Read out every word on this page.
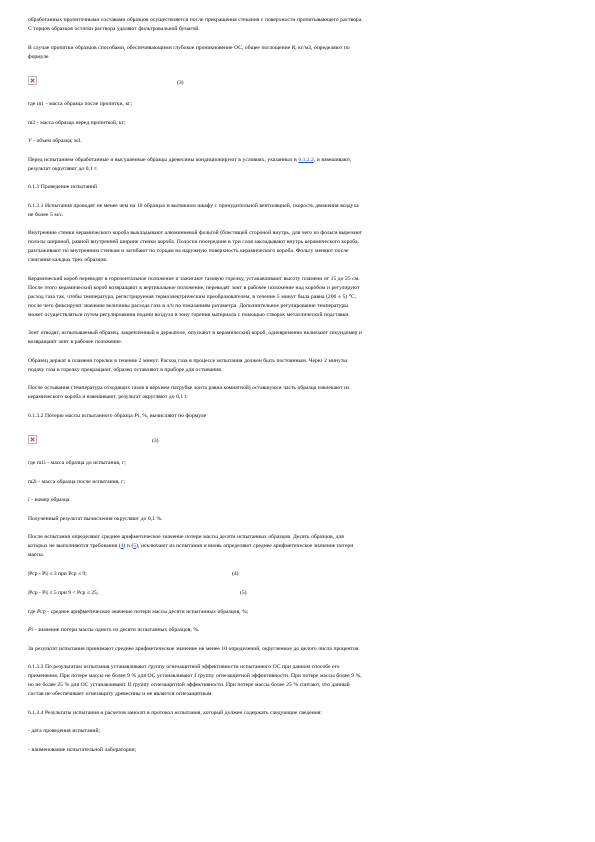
обработанных пропиточными составами образцов осуществляется после прекращения стекания с поверхности пропитывающего раствора.
С торцов образцов остатки раствора удаляют фильтровальной бумагой.

В случае пропитки образцов способами, обеспечивающими глубокое проникновение ОС, общее поглощение R, кг/м3, определяют по
формуле

(3)

где m1 - масса образца после пропитки, кг;

m2 - масса образца перед пропиткой, кг;

V - объем образца, м3.

Перед испытанием обработанные и высушенные образцы древесины кондиционируют в условиях, указанных в 6.1.2.2, и взвешивают,
результат округляют до 0,1 г.

6.1.3 Проведение испытаний

6.1.3.1 Испытания проводят не менее чем на 10 образцах в вытяжном шкафу с принудительной вентиляцией, скорость движения воздуха
не более 5 м/с.

Внутренние стенки керамического короба выкладывают алюминиевой фольгой (блестящей стороной внутрь, для чего из фольги вырезают
полосы шириной, равной внутренней ширине стенки короба. Полоски посередине в три слоя закладывают внутрь керамического короба,
разглаживают по внутренним стенкам и загибают по торцам на наружную поверхность керамического короба. Фольгу меняют после
сжигания каждых трех образцов.

Керамический короб переводят в горизонтальное положение и зажигают газовую горелку, устанавливают высоту пламени от 15 до 25 см.
После этого керамический короб возвращают в вертикальное положение, переводят зонт в рабочее положение над коробом и регулируют
расход газа так, чтобы температура, регистрируемая термоэлектрическим преобразователем, в течение 5 минут была равна (200 ± 5) °С,
после чего фиксируют значение величины расхода газа в л/ч по показаниям ротаметра. Дополнительное регулирование температуры
может осуществляться путем регулирования подачи воздуха в зону горения материала с помощью створок металлической подставки.

Зонт отводят, испытываемый образец, закрепленный в держателе, опускают в керамический короб, одновременно включают секундомер и
возвращают зонт в рабочее положение.

Образец держат в пламени горелки в течение 2 минут. Расход газа в процессе испытания должен быть постоянным. Через 2 минуты
подачу газа в горелку прекращают, образец оставляют в приборе для остывания.

После остывания (температура отходящих газов в верхнем патрубке зонта равна комнатной) оставшуюся часть образца извлекают из
керамического короба и взвешивают, результат округляют до 0,1 г.

6.1.3.2 Потерю массы испытанного образца Pi, %, вычисляют по формуле

(3)

где m1i - масса образца до испытания, г;

m2i - масса образца после испытания, г;

i - номер образца.

Полученный результат вычисления округляют до 0,1 %.

После испытания определяют среднее арифметическое значение потери массы десяти испытанных образцов. Десять образцов, для
которых не выполняются требования (4) и (5), исключают из испытания и вновь определяют среднее арифметическое значение потери
массы.

|Pср - Pi| ≤ 3 при Pср ≤ 9;	(4)
|Pср - Pi| ≤ 5 при 9 < Pср ≤ 25,	(5)

где Pср - среднее арифметическое значение потери массы десяти испытанных образцов, %;

Pi - значение потери массы одного из десяти испытанных образцов, %.

За результат испытания принимают среднее арифметическое значение не менее 10 определений, округленное до целого числа процентов.

6.1.3.3 По результатам испытания устанавливают группу огнезащитной эффективности испытанного ОС при данном способе его
применения. При потере массы не более 9 % для ОС устанавливают I группу огнезащитной эффективности. При потере массы более 9 %,
но не более 25 % для ОС устанавливают II группу огнезащитной эффективности. При потере массы более 25 % считают, что данный
состав не обеспечивает огнезащиту древесины и не является огнезащитным.

6.1.3.4 Результаты испытания и расчетов заносят в протокол испытания, который должен содержать следующие сведения:

- дата проведения испытаний;

- наименование испытательной лаборатории;
